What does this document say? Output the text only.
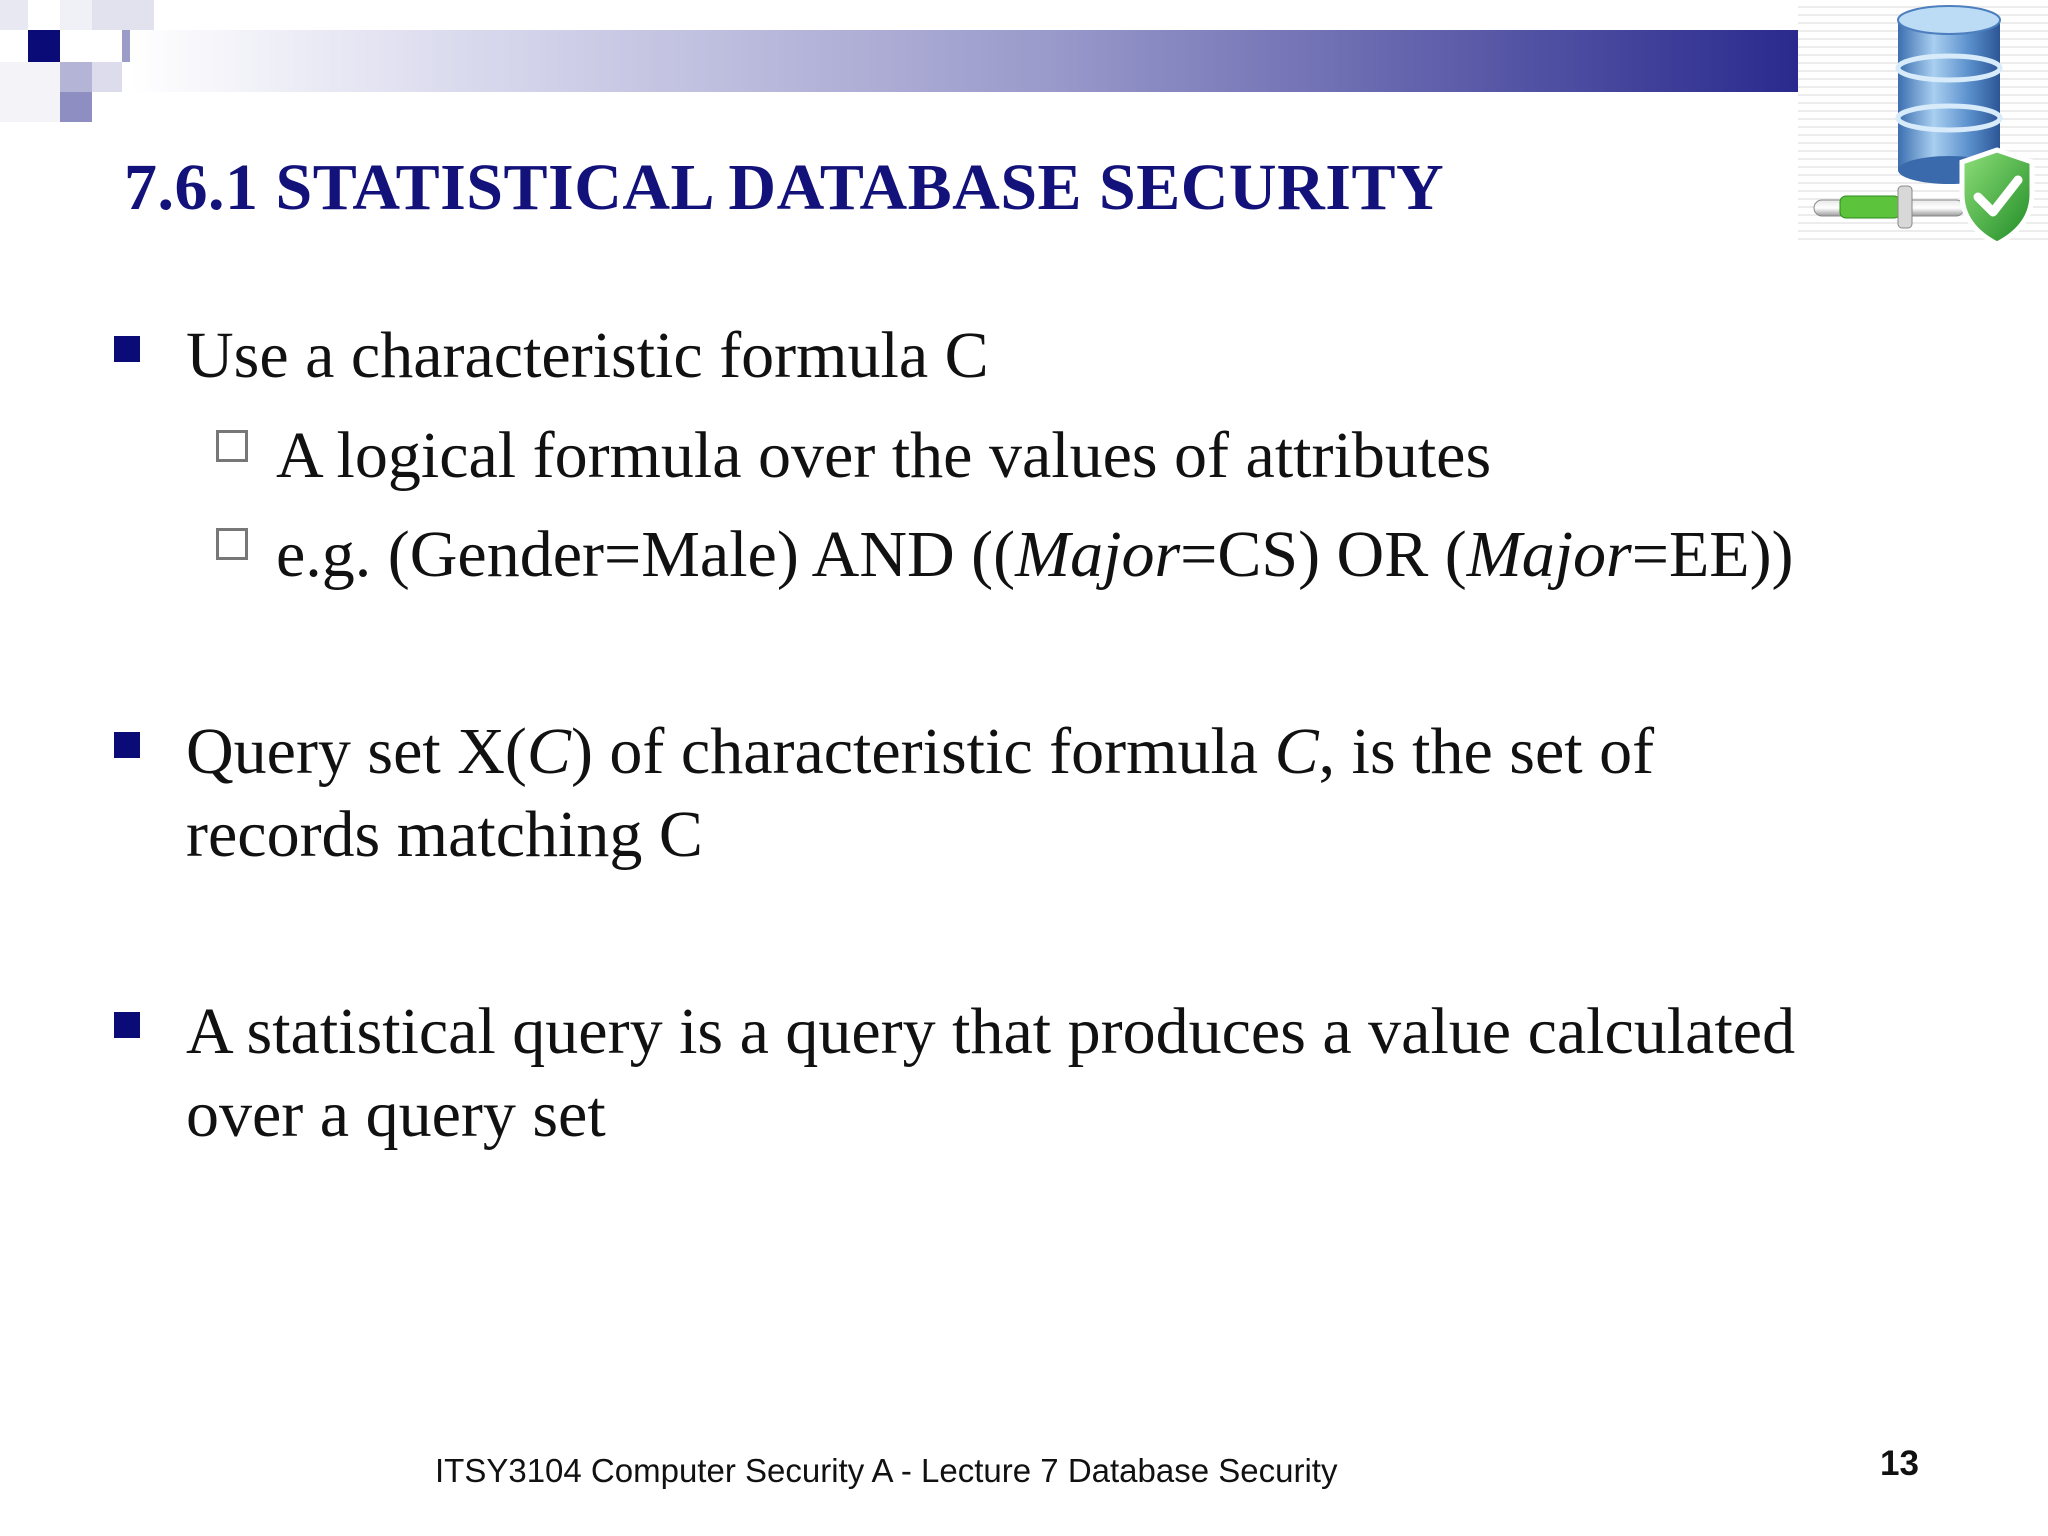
7.6.1 STATISTICAL DATABASE SECURITY
Use a characteristic formula C
A logical formula over the values of attributes
e.g. (Gender=Male) AND ((Major=CS) OR (Major=EE))
Query set X(C) of characteristic formula C, is the set of
records matching C
A statistical query is a query that produces a value calculated
over a query set
ITSY3104 Computer Security A - Lecture 7 Database Security	13
